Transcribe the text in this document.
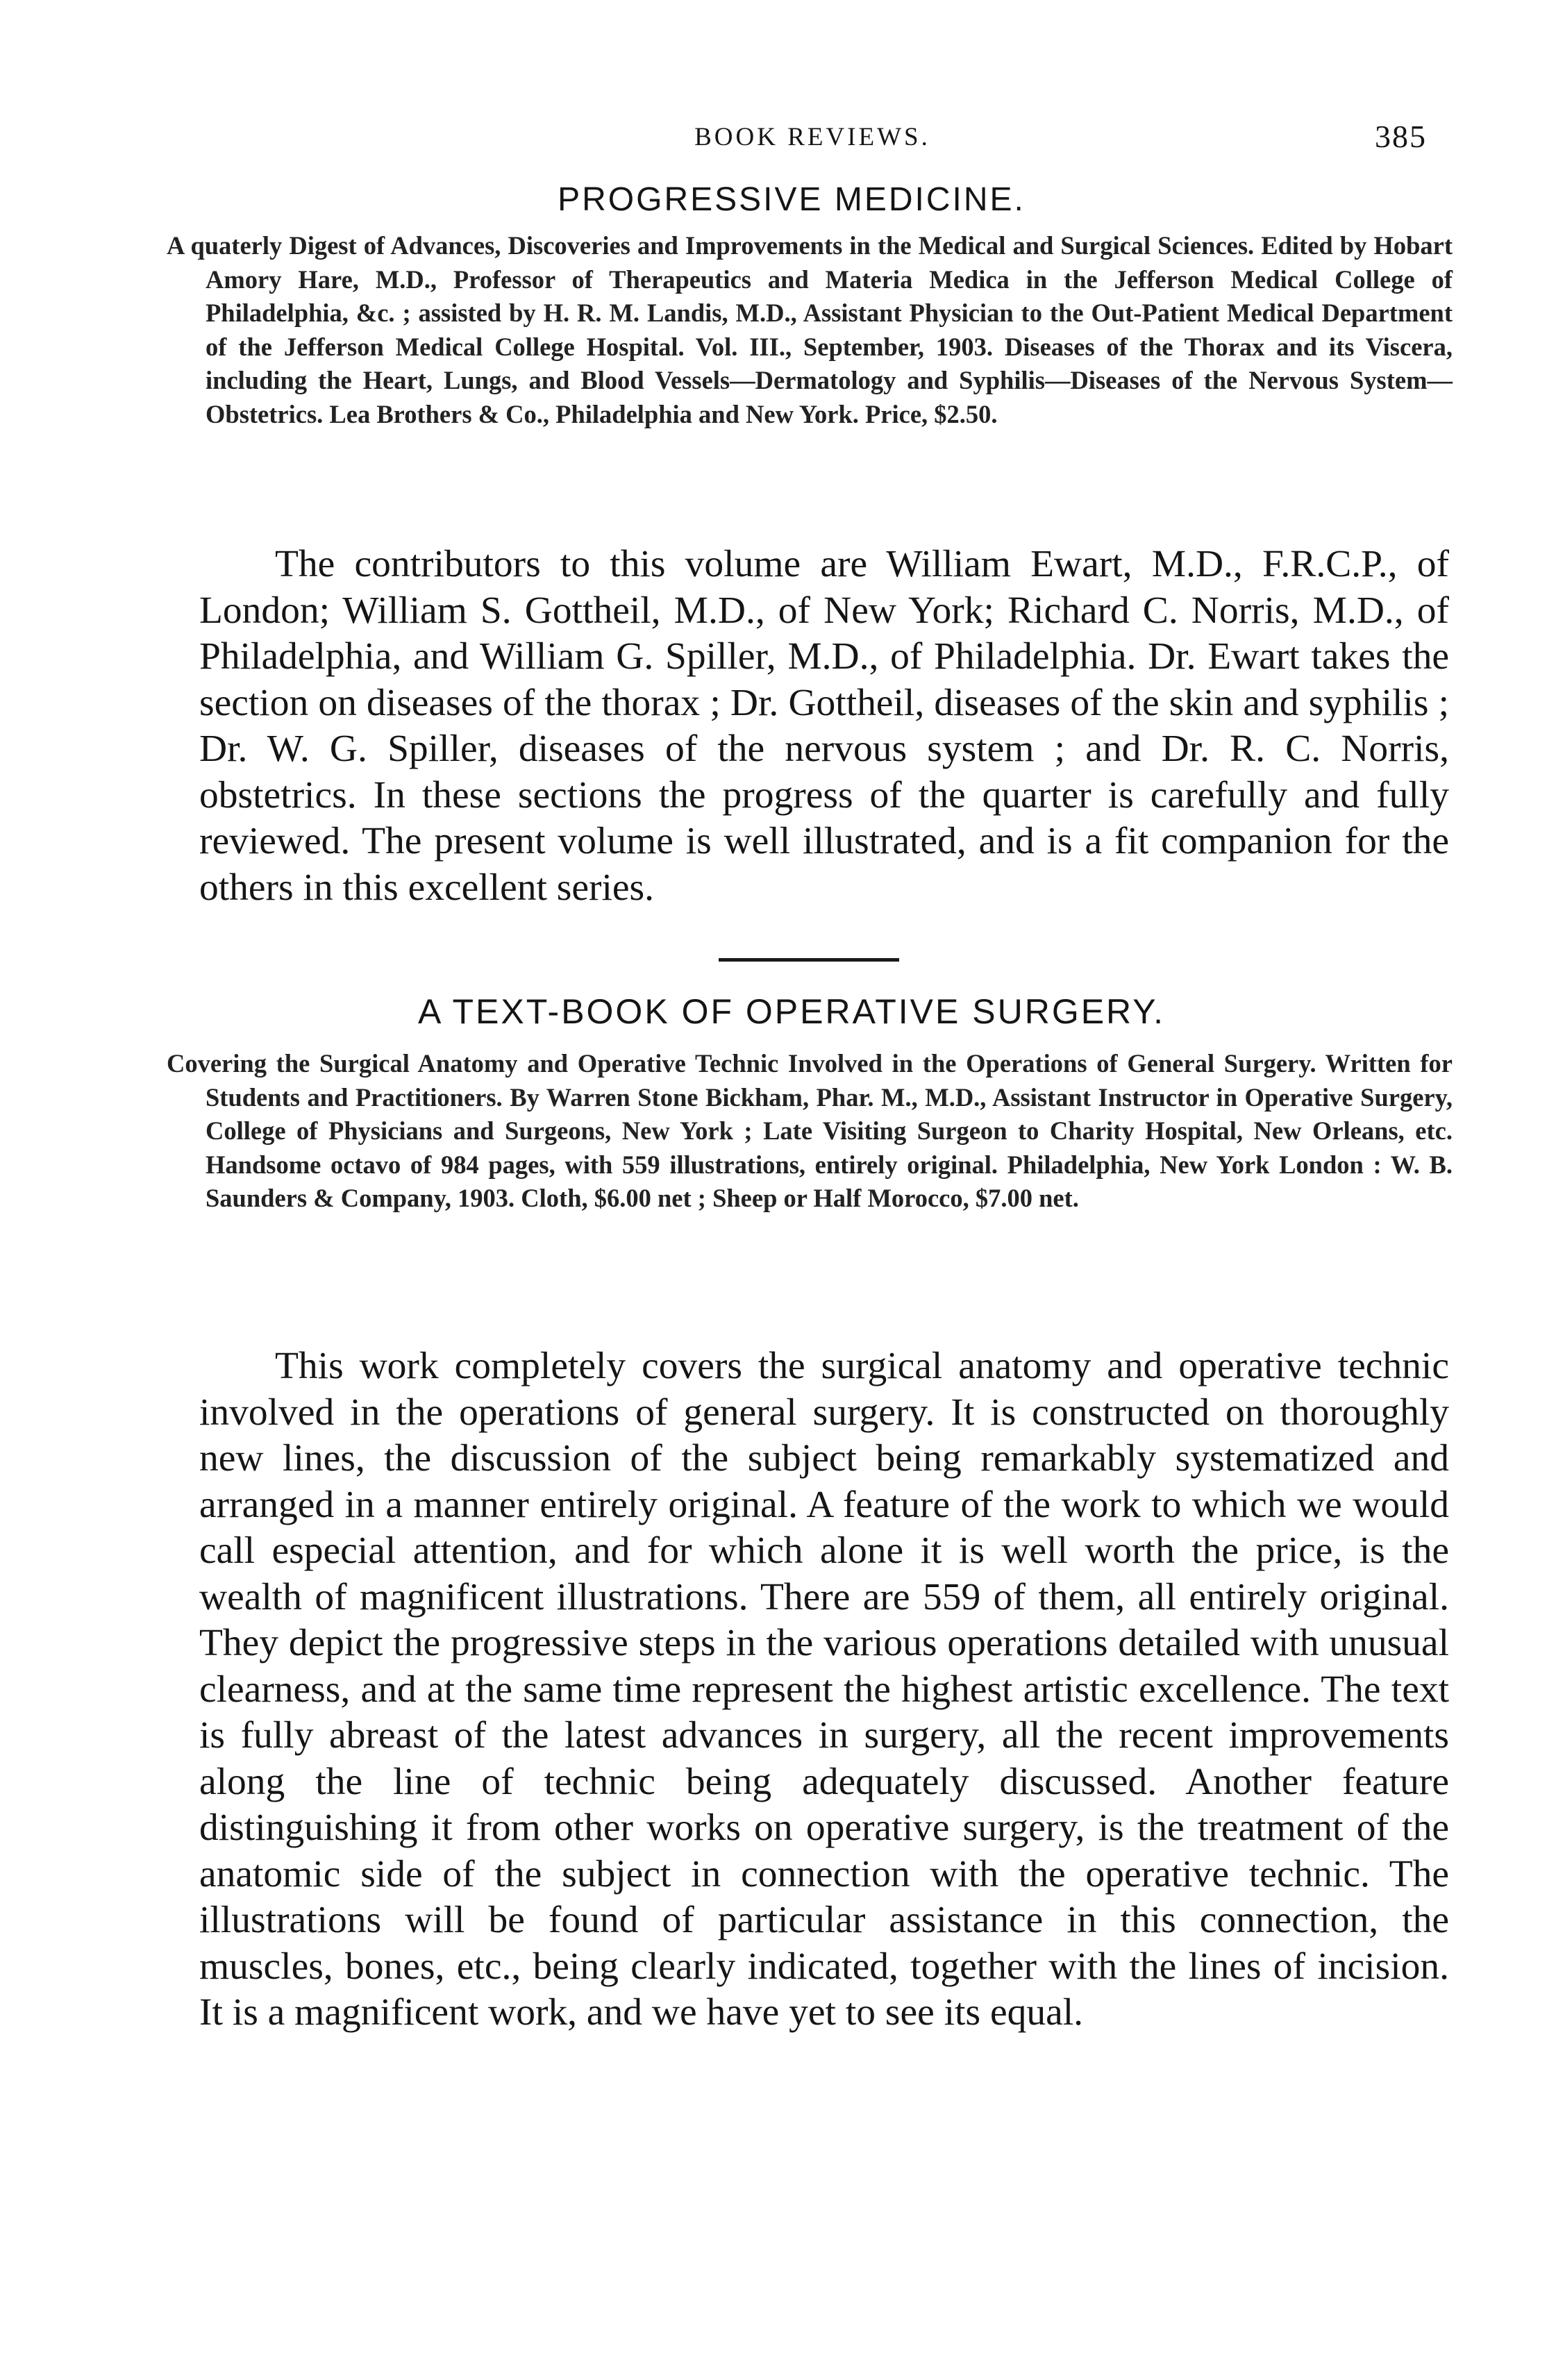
BOOK REVIEWS.	385
PROGRESSIVE MEDICINE.

A quaterly Digest of Advances, Discoveries and Improvements in the Medical and Surgical Sciences. Edited by Hobart Amory Hare, M.D., Professor of Therapeutics and Materia Medica in the Jefferson Medical College of Philadelphia, &c. ; assisted by H. R. M. Landis, M.D., Assistant Physician to the Out-Patient Medical Department of the Jefferson Medical College Hospital. Vol. III., September, 1903. Diseases of the Thorax and its Viscera, including the Heart, Lungs, and Blood Vessels—Dermatology and Syphilis—Diseases of the Nervous System—Obstetrics. Lea Brothers & Co., Philadelphia and New York. Price, $2.50.

The contributors to this volume are William Ewart, M.D., F.R.C.P., of London; William S. Gottheil, M.D., of New York; Richard C. Norris, M.D., of Philadelphia, and William G. Spiller, M.D., of Philadelphia. Dr. Ewart takes the section on diseases of the thorax ; Dr. Gottheil, diseases of the skin and syphilis ; Dr. W. G. Spiller, diseases of the nervous system ; and Dr. R. C. Norris, obstetrics. In these sections the progress of the quarter is carefully and fully reviewed. The present volume is well illustrated, and is a fit companion for the others in this excellent series.

A TEXT-BOOK OF OPERATIVE SURGERY.

Covering the Surgical Anatomy and Operative Technic Involved in the Operations of General Surgery. Written for Students and Practitioners. By Warren Stone Bickham, Phar. M., M.D., Assistant Instructor in Operative Surgery, College of Physicians and Surgeons, New York ; Late Visiting Surgeon to Charity Hospital, New Orleans, etc. Handsome octavo of 984 pages, with 559 illustrations, entirely original. Philadelphia, New York London : W. B. Saunders & Company, 1903. Cloth, $6.00 net ; Sheep or Half Morocco, $7.00 net.

This work completely covers the surgical anatomy and operative technic involved in the operations of general surgery. It is constructed on thoroughly new lines, the discussion of the subject being remarkably systematized and arranged in a manner entirely original. A feature of the work to which we would call especial attention, and for which alone it is well worth the price, is the wealth of magnificent illustrations. There are 559 of them, all entirely original. They depict the progressive steps in the various operations detailed with unusual clearness, and at the same time represent the highest artistic excellence. The text is fully abreast of the latest advances in surgery, all the recent improvements along the line of technic being adequately discussed. Another feature distinguishing it from other works on operative surgery, is the treatment of the anatomic side of the subject in connection with the operative technic. The illustrations will be found of particular assistance in this connection, the muscles, bones, etc., being clearly indicated, together with the lines of incision. It is a magnificent work, and we have yet to see its equal.
